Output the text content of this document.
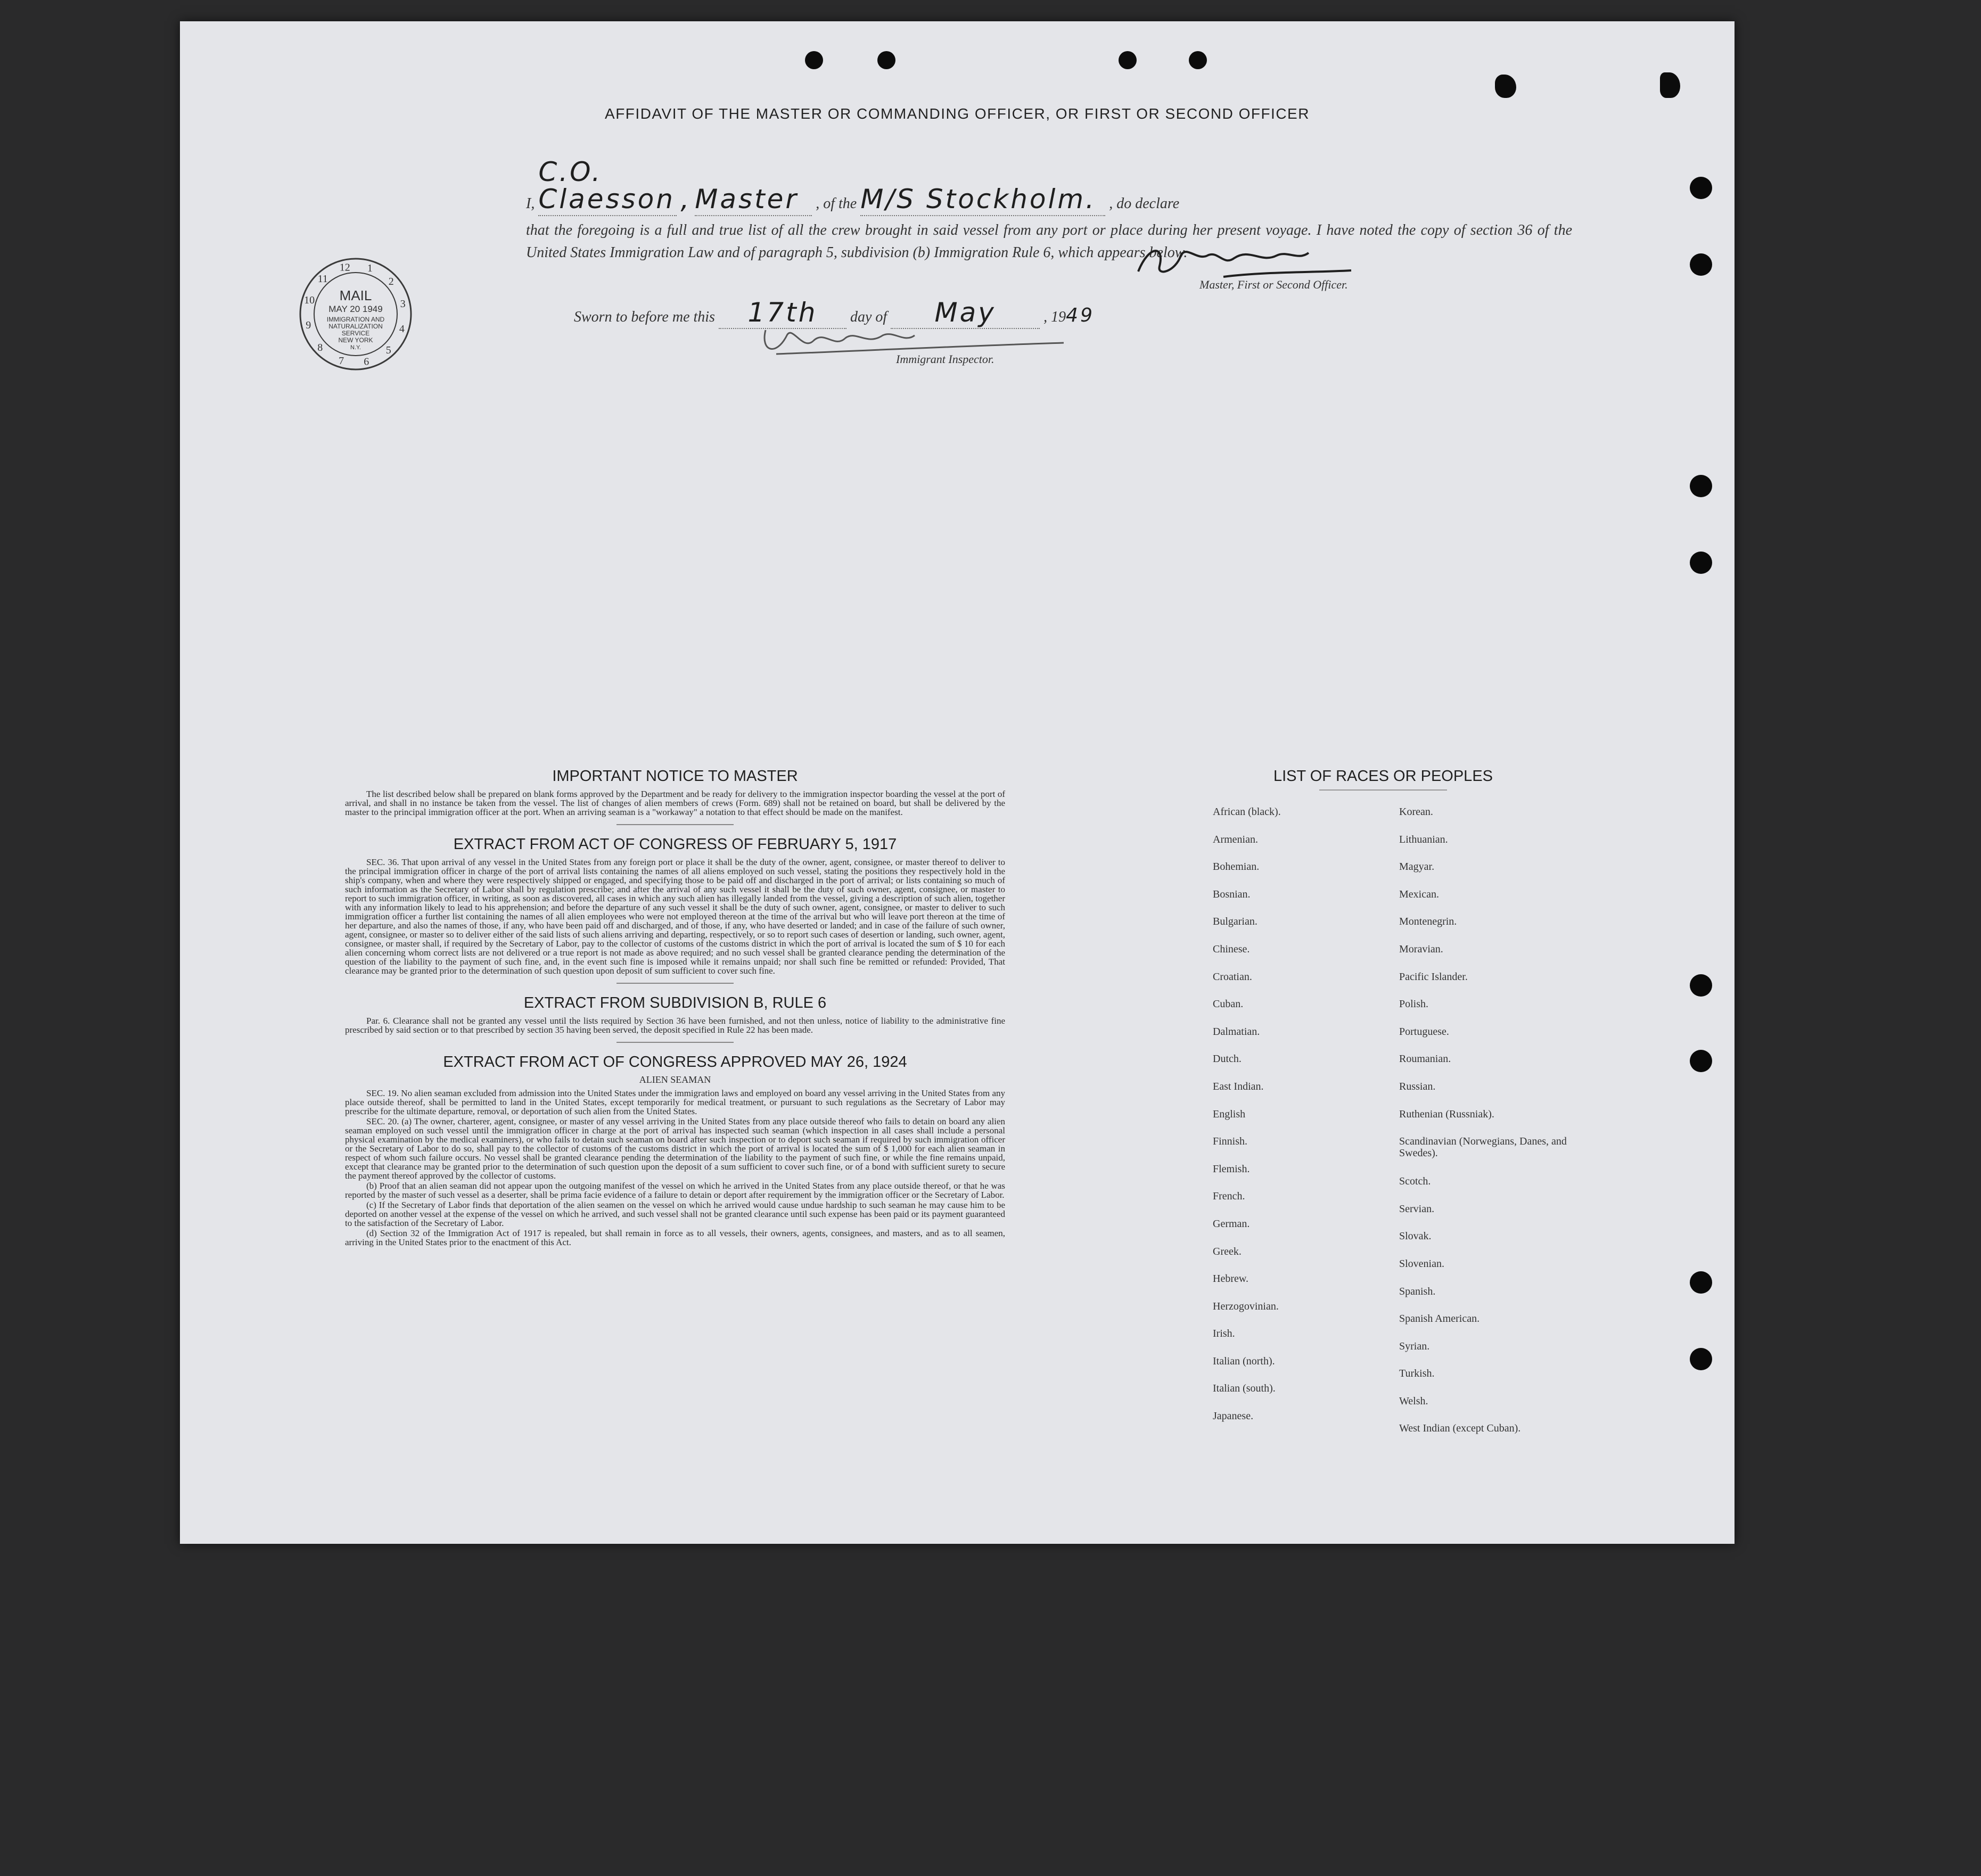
AFFIDAVIT OF THE MASTER OR COMMANDING OFFICER, OR FIRST OR SECOND OFFICER
I, C.O. Claesson , Master , of the M/S Stockholm. , do declare
that the foregoing is a full and true list of all the crew brought in said vessel from any port or place during her present voyage. I have noted the copy of section 36 of the United States Immigration Law and of paragraph 5, subdivision (b) Immigration Rule 6, which appears below.
Master, First or Second Officer.
Sworn to before me this 17th day of May	, 1949
Immigrant Inspector.
1
2
3
4
5
6
7
8
9
10
11
12
MAIL
MAY 20 1949
IMMIGRATION AND
NATURALIZATION
SERVICE
NEW YORK
N.Y.

IMPORTANT NOTICE TO MASTER

The list described below shall be prepared on blank forms approved by the Department and be ready for delivery to the immigration inspector boarding the vessel at the port of arrival, and shall in no instance be taken from the vessel. The list of changes of alien members of crews (Form. 689) shall not be retained on board, but shall be delivered by the master to the principal immigration officer at the port. When an arriving seaman is a "workaway" a notation to that effect should be made on the manifest.

EXTRACT FROM ACT OF CONGRESS OF FEBRUARY 5, 1917

SEC. 36. That upon arrival of any vessel in the United States from any foreign port or place it shall be the duty of the owner, agent, consignee, or master thereof to deliver to the principal immigration officer in charge of the port of arrival lists containing the names of all aliens employed on such vessel, stating the positions they respectively hold in the ship's company, when and where they were respectively shipped or engaged, and specifying those to be paid off and discharged in the port of arrival; or lists containing so much of such information as the Secretary of Labor shall by regulation prescribe; and after the arrival of any such vessel it shall be the duty of such owner, agent, consignee, or master to report to such immigration officer, in writing, as soon as discovered, all cases in which any such alien has illegally landed from the vessel, giving a description of such alien, together with any information likely to lead to his apprehension; and before the departure of any such vessel it shall be the duty of such owner, agent, consignee, or master to deliver to such immigration officer a further list containing the names of all alien employees who were not employed thereon at the time of the arrival but who will leave port thereon at the time of her departure, and also the names of those, if any, who have been paid off and discharged, and of those, if any, who have deserted or landed; and in case of the failure of such owner, agent, consignee, or master so to deliver either of the said lists of such aliens arriving and departing, respectively, or so to report such cases of desertion or landing, such owner, agent, consignee, or master shall, if required by the Secretary of Labor, pay to the collector of customs of the customs district in which the port of arrival is located the sum of $ 10 for each alien concerning whom correct lists are not delivered or a true report is not made as above required; and no such vessel shall be granted clearance pending the determination of the question of the liability to the payment of such fine, and, in the event such fine is imposed while it remains unpaid; nor shall such fine be remitted or refunded: Provided, That clearance may be granted prior to the determination of such question upon deposit of sum sufficient to cover such fine.

EXTRACT FROM SUBDIVISION B, RULE 6

Par. 6. Clearance shall not be granted any vessel until the lists required by Section 36 have been furnished, and not then unless, notice of liability to the administrative fine prescribed by said section or to that prescribed by section 35 having been served, the deposit specified in Rule 22 has been made.

EXTRACT FROM ACT OF CONGRESS APPROVED MAY 26, 1924

ALIEN SEAMAN

SEC. 19. No alien seaman excluded from admission into the United States under the immigration laws and employed on board any vessel arriving in the United States from any place outside thereof, shall be permitted to land in the United States, except temporarily for medical treatment, or pursuant to such regulations as the Secretary of Labor may prescribe for the ultimate departure, removal, or deportation of such alien from the United States.

SEC. 20. (a) The owner, charterer, agent, consignee, or master of any vessel arriving in the United States from any place outside thereof who fails to detain on board any alien seaman employed on such vessel until the immigration officer in charge at the port of arrival has inspected such seaman (which inspection in all cases shall include a personal physical examination by the medical examiners), or who fails to detain such seaman on board after such inspection or to deport such seaman if required by such immigration officer or the Secretary of Labor to do so, shall pay to the collector of customs of the customs district in which the port of arrival is located the sum of $ 1,000 for each alien seaman in respect of whom such failure occurs. No vessel shall be granted clearance pending the determination of the liability to the payment of such fine, or while the fine remains unpaid, except that clearance may be granted prior to the determination of such question upon the deposit of a sum sufficient to cover such fine, or of a bond with sufficient surety to secure the payment thereof approved by the collector of customs.

(b) Proof that an alien seaman did not appear upon the outgoing manifest of the vessel on which he arrived in the United States from any place outside thereof, or that he was reported by the master of such vessel as a deserter, shall be prima facie evidence of a failure to detain or deport after requirement by the immigration officer or the Secretary of Labor.

(c) If the Secretary of Labor finds that deportation of the alien seamen on the vessel on which he arrived would cause undue hardship to such seaman he may cause him to be deported on another vessel at the expense of the vessel on which he arrived, and such vessel shall not be granted clearance until such expense has been paid or its payment guaranteed to the satisfaction of the Secretary of Labor.

(d) Section 32 of the Immigration Act of 1917 is repealed, but shall remain in force as to all vessels, their owners, agents, consignees, and masters, and as to all seamen, arriving in the United States prior to the enactment of this Act.

LIST OF RACES OR PEOPLES
African (black).
Armenian.
Bohemian.
Bosnian.
Bulgarian.
Chinese.
Croatian.
Cuban.
Dalmatian.
Dutch.
East Indian.
English
Finnish.
Flemish.
French.
German.
Greek.
Hebrew.
Herzogovinian.
Irish.
Italian (north).
Italian (south).
Japanese.
Korean.
Lithuanian.
Magyar.
Mexican.
Montenegrin.
Moravian.
Pacific Islander.
Polish.
Portuguese.
Roumanian.
Russian.
Ruthenian (Russniak).
Scandinavian (Norwegians, Danes, and Swedes).
Scotch.
Servian.
Slovak.
Slovenian.
Spanish.
Spanish American.
Syrian.
Turkish.
Welsh.
West Indian (except Cuban).
